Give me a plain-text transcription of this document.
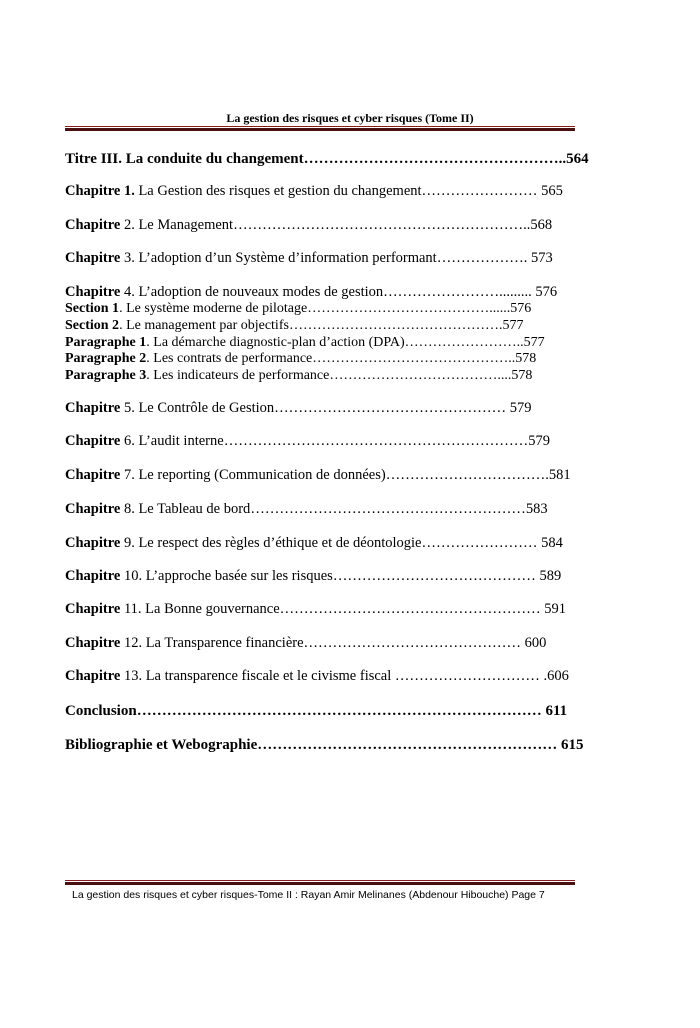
La gestion des risques et cyber risques (Tome II)
Titre III. La conduite du changement……………………………………………..564
Chapitre 1. La Gestion des risques et gestion du changement…………………… 565
Chapitre 2. Le Management……………………………………………………..568
Chapitre 3. L’adoption d’un Système d’information performant………………. 573
Chapitre 4. L’adoption de nouveaux modes de gestion……………………......... 576
Section 1. Le système moderne de pilotage…………………………………......576
Section 2. Le management par objectifs……………………………………….577
Paragraphe 1. La démarche diagnostic-plan d’action (DPA)……………………..577
Paragraphe 2. Les contrats de performance……………………………………..578
Paragraphe 3. Les indicateurs de performance………………………………....578
Chapitre 5. Le Contrôle de Gestion………………………………………… 579
Chapitre 6. L’audit interne………………………………………………………579
Chapitre 7. Le reporting (Communication de données)…………………………….581
Chapitre 8. Le Tableau de bord…………………………………………………583
Chapitre 9. Le respect des règles d’éthique et de déontologie…………………… 584
Chapitre 10. L’approche basée sur les risques…………………………………… 589
Chapitre 11. La Bonne gouvernance……………………………………………… 591
Chapitre 12. La Transparence financière……………………………………… 600
Chapitre 13. La transparence fiscale et le civisme fiscal ………………………… .606
Conclusion……………………………………………………………………… 611
Bibliographie et Webographie…………………………………………………… 615
La gestion des risques et cyber risques-Tome II : Rayan Amir Melinanes (Abdenour Hibouche) Page 7
